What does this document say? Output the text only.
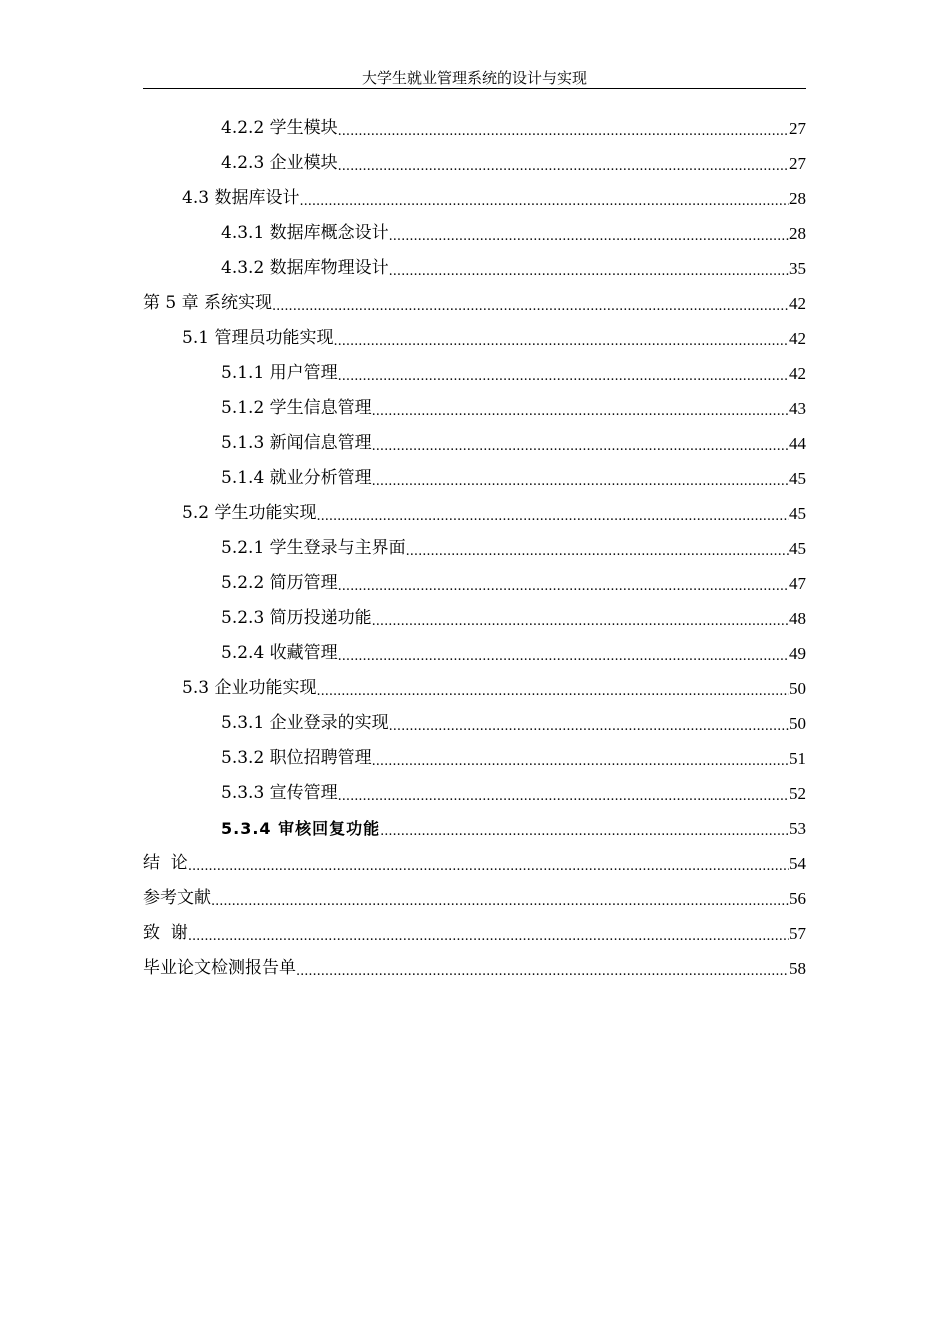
大学生就业管理系统的设计与实现
4.2.2 学生模块 .....	27
4.2.3 企业模块 .....	27
4.3 数据库设计 .....	28
4.3.1 数据库概念设计 .....	28
4.3.2 数据库物理设计 .....	35
第 5 章 系统实现 .....	42
5.1 管理员功能实现 .....	42
5.1.1 用户管理 .....	42
5.1.2 学生信息管理 .....	43
5.1.3 新闻信息管理 .....	44
5.1.4 就业分析管理 .....	45
5.2 学生功能实现 .....	45
5.2.1 学生登录与主界面 .....	45
5.2.2 简历管理 .....	47
5.2.3 简历投递功能 .....	48
5.2.4 收藏管理 .....	49
5.3 企业功能实现 .....	50
5.3.1 企业登录的实现 .....	50
5.3.2 职位招聘管理 .....	51
5.3.3 宣传管理 .....	52
5.3.4 审核回复功能 .....	53
结  论 .....	54
参考文献 .....	56
致  谢 .....	57
毕业论文检测报告单 .....	58
